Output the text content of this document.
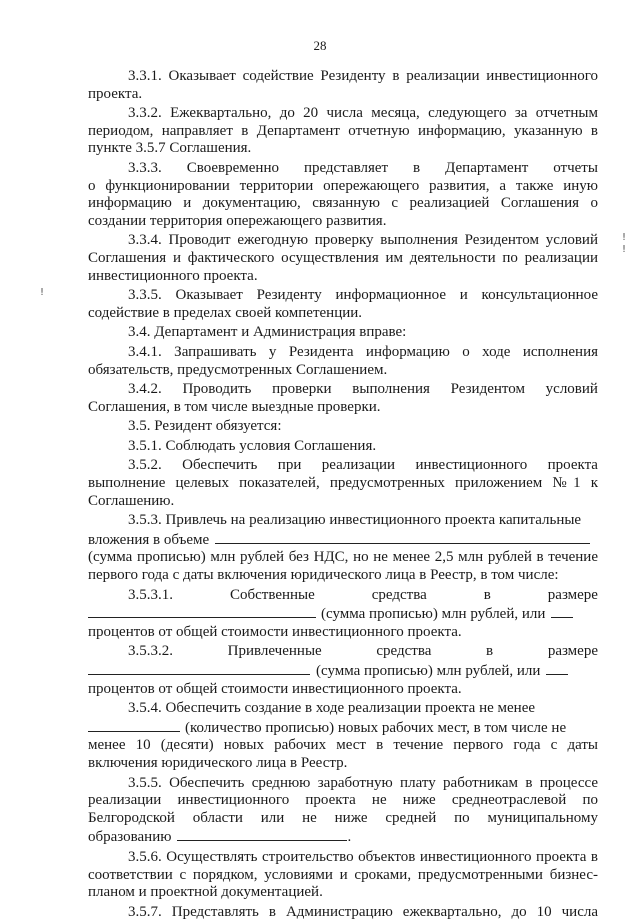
28
!
!
!

3.3.1. Оказывает содействие Резиденту в реализации инвестиционного проекта.

3.3.2. Ежеквартально, до 20 числа месяца, следующего за отчетным периодом, направляет в Департамент отчетную информацию, указанную в пункте 3.5.7 Соглашения.

3.3.3. Своевременно представляет в Департамент отчеты

о функционировании территории опережающего развития, а также иную информацию и документацию, связанную с реализацией Соглашения о создании территория опережающего развития.

3.3.4. Проводит ежегодную проверку выполнения Резидентом условий Соглашения и фактического осуществления им деятельности по реализации инвестиционного проекта.

3.3.5. Оказывает Резиденту информационное и консультационное содействие в пределах своей компетенции.

3.4. Департамент и Администрация вправе:

3.4.1. Запрашивать у Резидента информацию о ходе исполнения обязательств, предусмотренных Соглашением.

3.4.2. Проводить проверки выполнения Резидентом условий

Соглашения, в том числе выездные проверки.

3.5. Резидент обязуется:

3.5.1. Соблюдать условия Соглашения.

3.5.2. Обеспечить при реализации инвестиционного проекта

выполнение целевых показателей, предусмотренных приложением №1 к Соглашению.

3.5.3. Привлечь на реализацию инвестиционного проекта капитальные

вложения в объеме

(сумма прописью) млн рублей без НДС, но не менее 2,5 млн рублей в течение первого года с даты включения юридического лица в Реестр, в том числе:

3.5.3.1.	Собственные	средства	в	размере
(сумма прописью) млн рублей, или

процентов от общей стоимости инвестиционного проекта.

3.5.3.2.	Привлеченные	средства	в	размере
(сумма прописью) млн рублей, или

процентов от общей стоимости инвестиционного проекта.

3.5.4. Обеспечить создание в ходе реализации проекта не менее

(количество прописью) новых рабочих мест, в том числе не

менее 10 (десяти) новых рабочих мест в течение первого года с даты включения юридического лица в Реестр.

3.5.5. Обеспечить среднюю заработную плату работникам в процессе реализации инвестиционного проекта не ниже среднеотраслевой по Белгородской области или не ниже средней по муниципальному

образованию	.

3.5.6. Осуществлять строительство объектов инвестиционного проекта в соответствии с порядком, условиями и сроками, предусмотренными бизнес-планом и проектной документацией.

3.5.7. Представлять в Администрацию ежеквартально, до 10 числа
